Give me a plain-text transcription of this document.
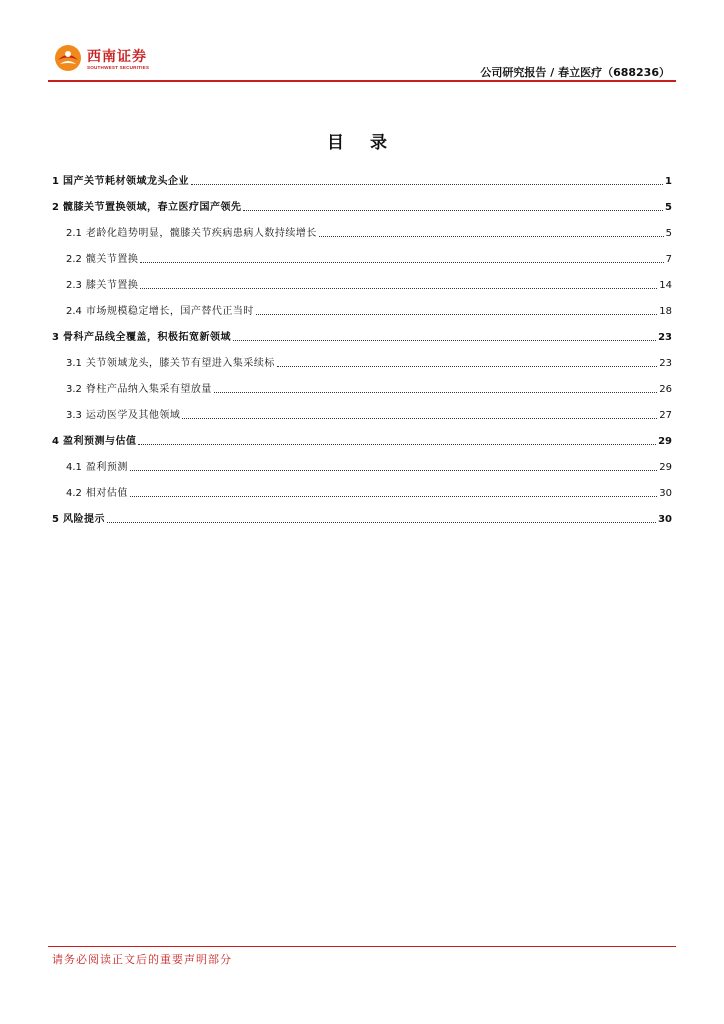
西南证券
SOUTHWEST SECURITIES	公司研究报告 / 春立医疗（688236）
目 录
1 国产关节耗材领域龙头企业	1
2 髋膝关节置换领域，春立医疗国产领先	5
2.1 老龄化趋势明显，髋膝关节疾病患病人数持续增长	5
2.2 髋关节置换	7
2.3 膝关节置换	14
2.4 市场规模稳定增长，国产替代正当时	18
3 骨科产品线全覆盖，积极拓宽新领域	23
3.1 关节领域龙头，膝关节有望进入集采续标	23
3.2 脊柱产品纳入集采有望放量	26
3.3 运动医学及其他领域	27
4 盈利预测与估值	29
4.1 盈利预测	29
4.2 相对估值	30
5 风险提示	30
请务必阅读正文后的重要声明部分
